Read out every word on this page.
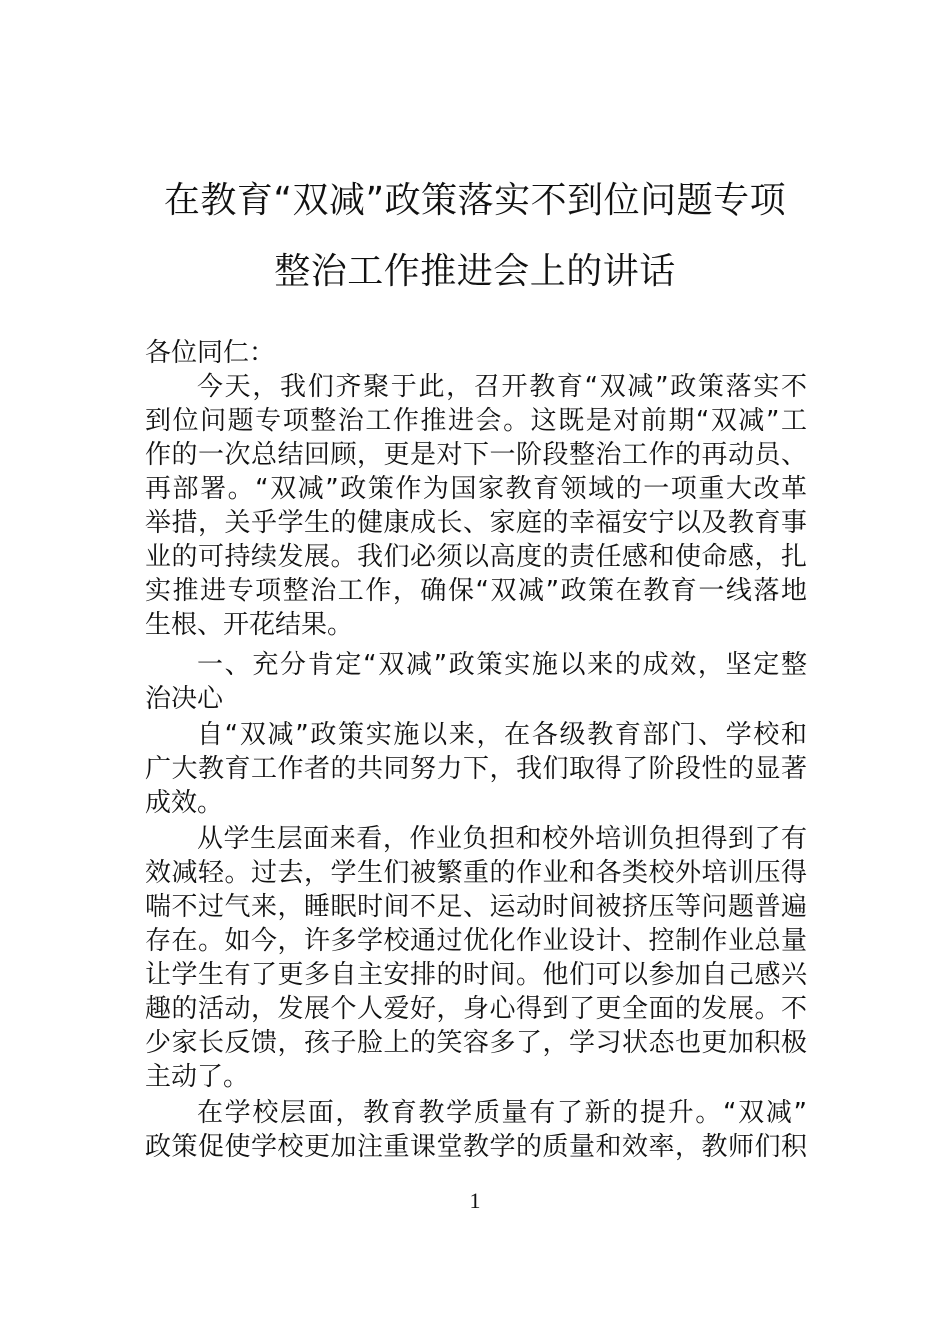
在教育“双减”政策落实不到位问题专项
整治工作推进会上的讲话
各位同仁：
今天，我们齐聚于此，召开教育“双减”政策落实不
到位问题专项整治工作推进会。这既是对前期“双减”工
作的一次总结回顾，更是对下一阶段整治工作的再动员、
再部署。“双减”政策作为国家教育领域的一项重大改革
举措，关乎学生的健康成长、家庭的幸福安宁以及教育事
业的可持续发展。我们必须以高度的责任感和使命感，扎
实推进专项整治工作，确保“双减”政策在教育一线落地
生根、开花结果。
一、充分肯定“双减”政策实施以来的成效，坚定整
治决心
自“双减”政策实施以来，在各级教育部门、学校和
广大教育工作者的共同努力下，我们取得了阶段性的显著
成效。
从学生层面来看，作业负担和校外培训负担得到了有
效减轻。过去，学生们被繁重的作业和各类校外培训压得
喘不过气来，睡眠时间不足、运动时间被挤压等问题普遍
存在。如今，许多学校通过优化作业设计、控制作业总量
让学生有了更多自主安排的时间。他们可以参加自己感兴
趣的活动，发展个人爱好，身心得到了更全面的发展。不
少家长反馈，孩子脸上的笑容多了，学习状态也更加积极
主动了。
在学校层面，教育教学质量有了新的提升。“双减”
政策促使学校更加注重课堂教学的质量和效率，教师们积
1
